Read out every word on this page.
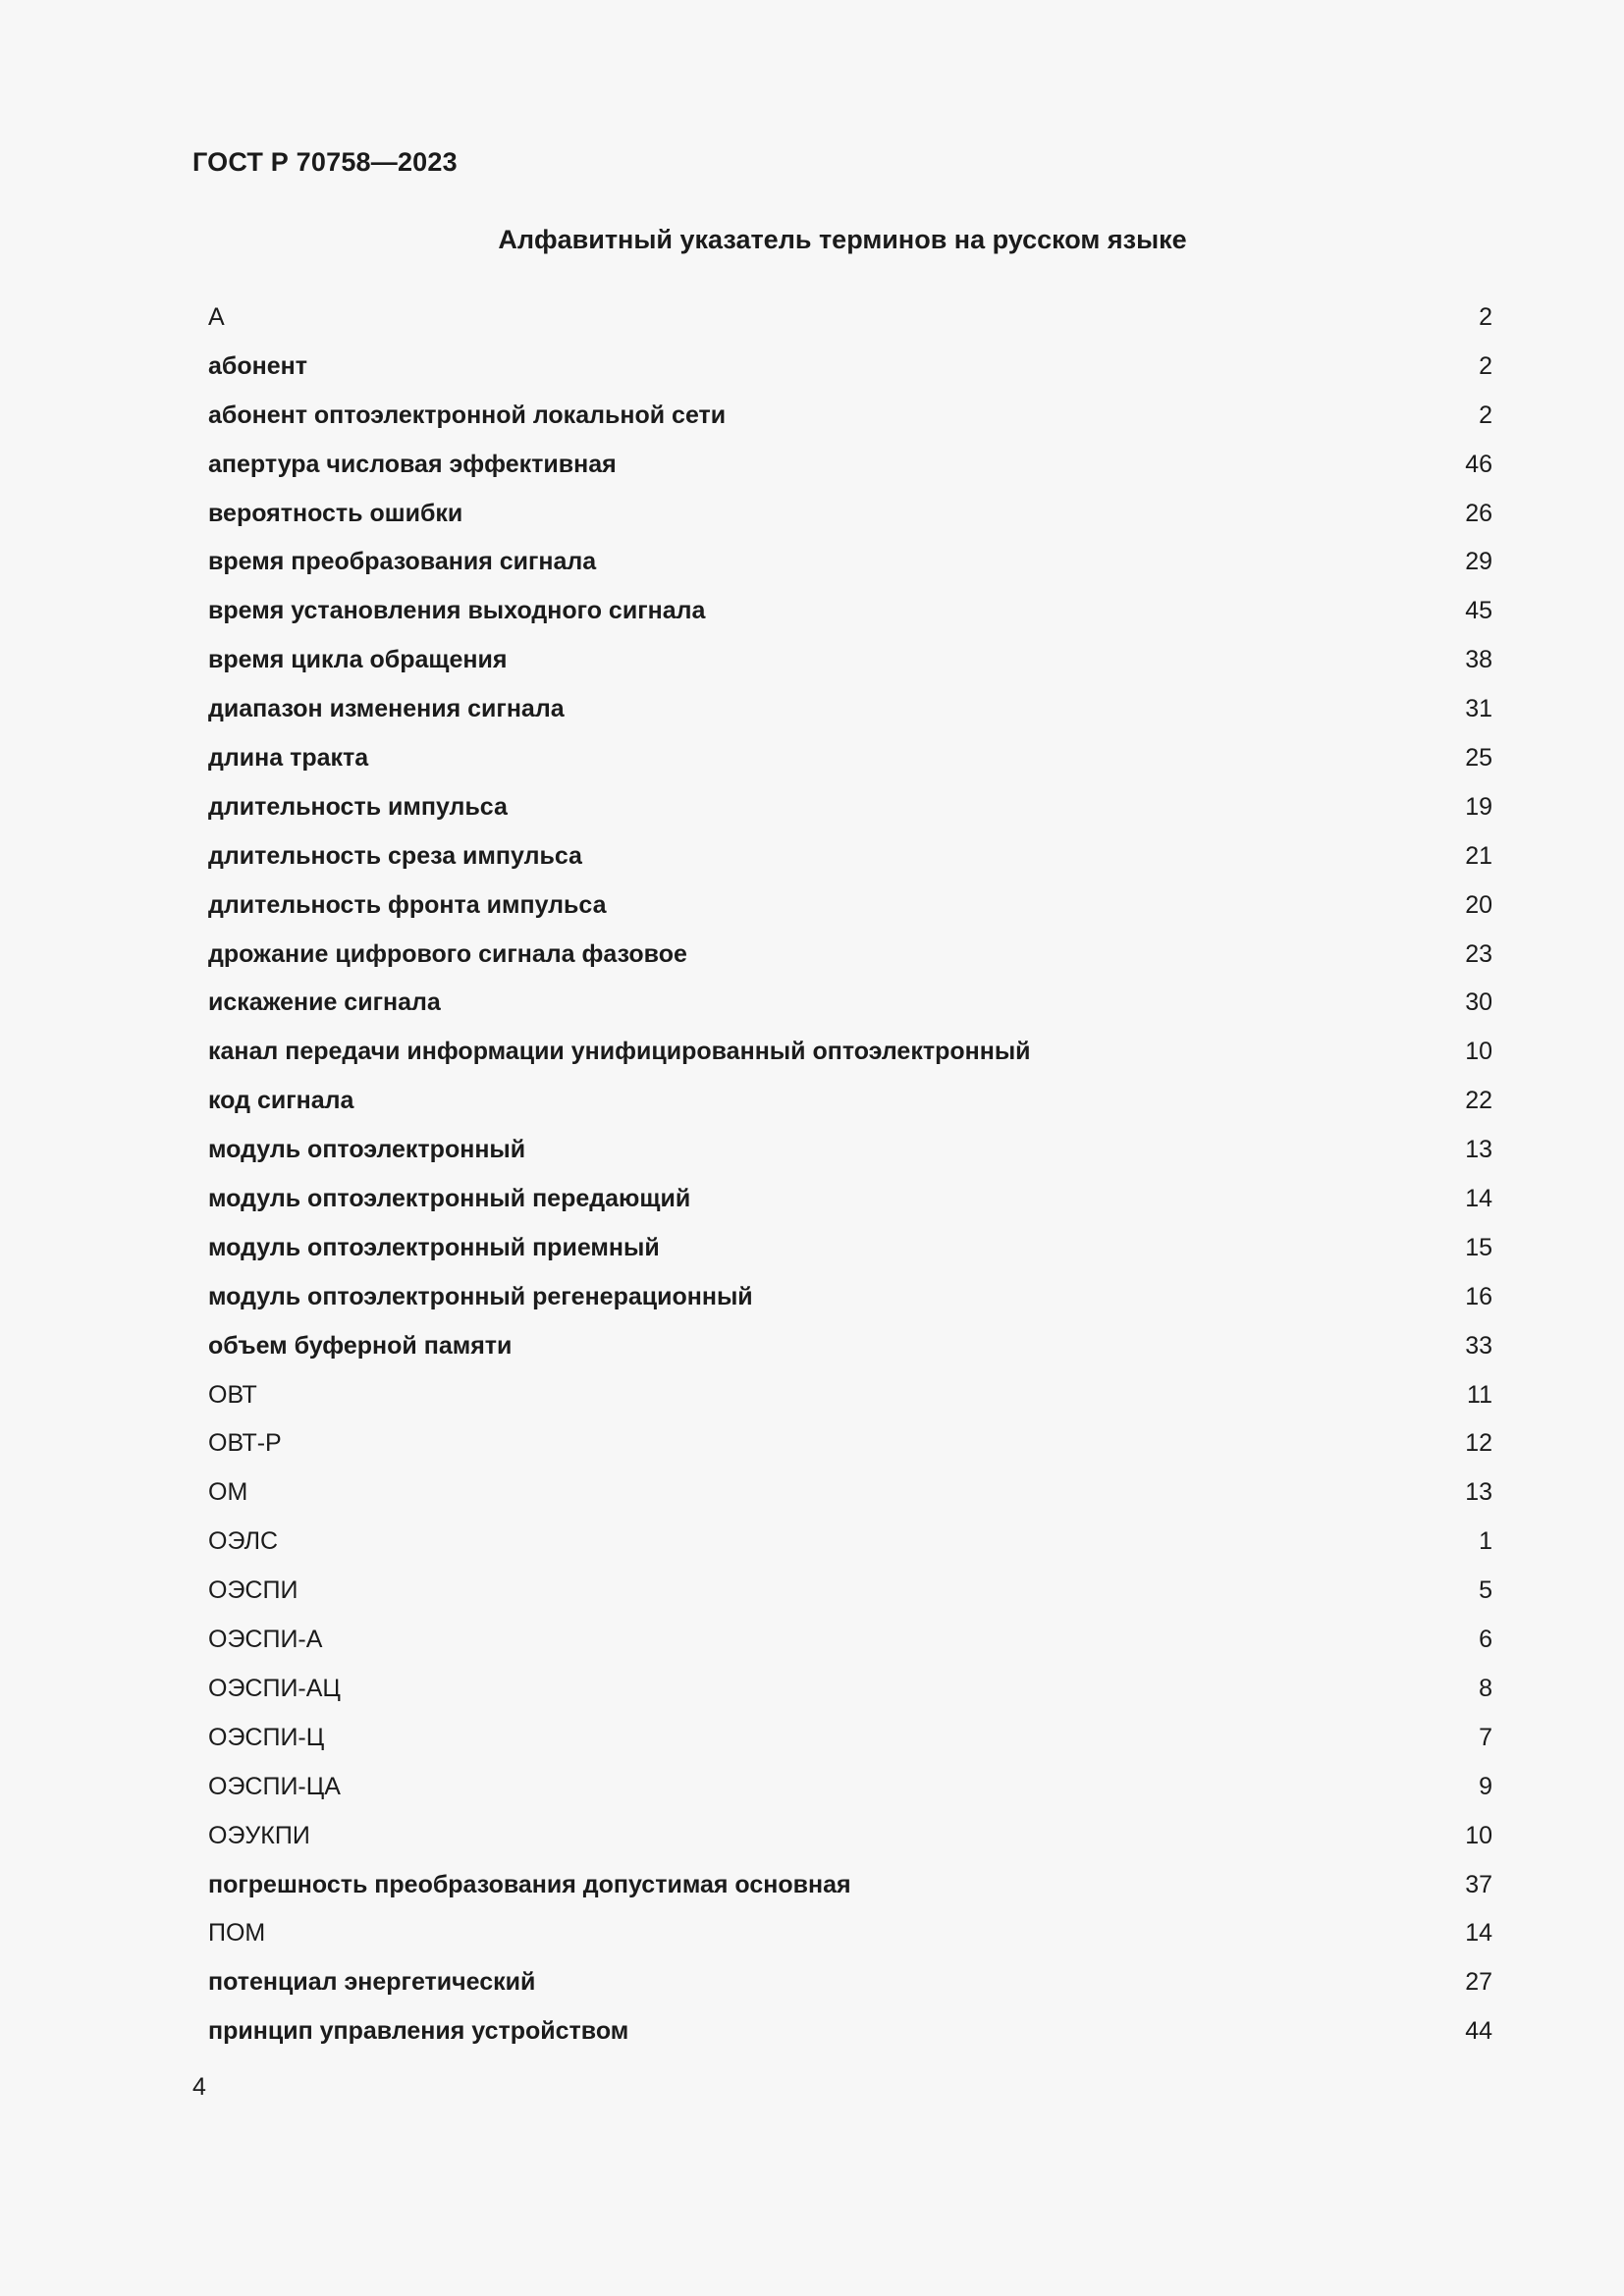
ГОСТ Р 70758—2023

Алфавитный указатель терминов на русском языке
А	2
абонент	2
абонент оптоэлектронной локальной сети	2
апертура числовая эффективная	46
вероятность ошибки	26
время преобразования сигнала	29
время установления выходного сигнала	45
время цикла обращения	38
диапазон изменения сигнала	31
длина тракта	25
длительность импульса	19
длительность среза импульса	21
длительность фронта импульса	20
дрожание цифрового сигнала фазовое	23
искажение сигнала	30
канал передачи информации унифицированный оптоэлектронный	10
код сигнала	22
модуль оптоэлектронный	13
модуль оптоэлектронный передающий	14
модуль оптоэлектронный приемный	15
модуль оптоэлектронный регенерационный	16
объем буферной памяти	33
ОВТ	11
ОВТ-Р	12
ОМ	13
ОЭЛС	1
ОЭСПИ	5
ОЭСПИ-А	6
ОЭСПИ-АЦ	8
ОЭСПИ-Ц	7
ОЭСПИ-ЦА	9
ОЭУКПИ	10
погрешность преобразования допустимая основная	37
ПОМ	14
потенциал энергетический	27
принцип управления устройством	44
4
